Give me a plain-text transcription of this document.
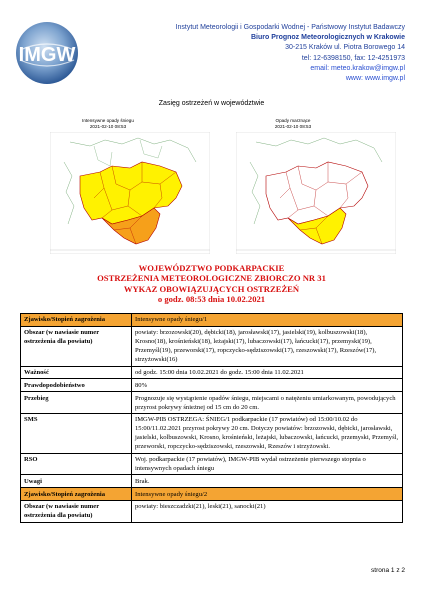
IMGW
Instytut Meteorologii i Gospodarki Wodnej - Państwowy Instytut Badawczy
Biuro Prognoz Meteorologicznych w Krakowie
30-215 Kraków ul. Piotra Borowego 14
tel: 12-6398150, fax: 12-4251973
email: meteo.krakow@imgw.pl
www: www.imgw.pl
Zasięg ostrzeżeń w województwie
Intensywne opady śniegu
2021-02-10 08:53
Opady marznące
2021-02-10 08:53
WOJEWÓDZTWO PODKARPACKIE
OSTRZEŻENIA METEOROLOGICZNE ZBIORCZO NR 31
WYKAZ OBOWIĄZUJĄCYCH OSTRZEŻEŃ
o godz. 08:53 dnia 10.02.2021
Zjawisko/Stopień zagrożenia	Intensywne opady śniegu/1
Obszar (w nawiasie numer ostrzeżenia dla powiatu)	powiaty: brzozowski(20), dębicki(18), jarosławski(17), jasielski(19), kolbuszowski(18), Krosno(18), krośnieński(18), leżajski(17), lubaczowski(17), łańcucki(17), przemyski(19), Przemyśl(19), przeworski(17), ropczycko-sędziszowski(17), rzeszowski(17), Rzeszów(17), strzyżowski(16)
Ważność	od godz. 15:00 dnia 10.02.2021 do godz. 15:00 dnia 11.02.2021
Prawdopodobieństwo	80%
Przebieg	Prognozuje się wystąpienie opadów śniegu, miejscami o natężeniu umiarkowanym, powodujących przyrost pokrywy śnieżnej od 15 cm do 20 cm.
SMS	IMGW-PIB OSTRZEGA: ŚNIEG/1 podkarpackie (17 powiatów) od 15:00/10.02 do 15:00/11.02.2021 przyrost pokrywy 20 cm. Dotyczy powiatów: brzozowski, dębicki, jarosławski, jasielski, kolbuszowski, Krosno, krośnieński, leżajski, lubaczowski, łańcucki, przemyski, Przemyśl, przeworski, ropczycko-sędziszowski, rzeszowski, Rzeszów i strzyżowski.
RSO	Woj. podkarpackie (17 powiatów), IMGW-PIB wydał ostrzeżenie pierwszego stopnia o intensywnych opadach śniegu
Uwagi	Brak.
Zjawisko/Stopień zagrożenia	Intensywne opady śniegu/2
Obszar (w nawiasie numer ostrzeżenia dla powiatu)	powiaty: bieszczadzki(21), leski(21), sanocki(21)
strona 1 z 2
